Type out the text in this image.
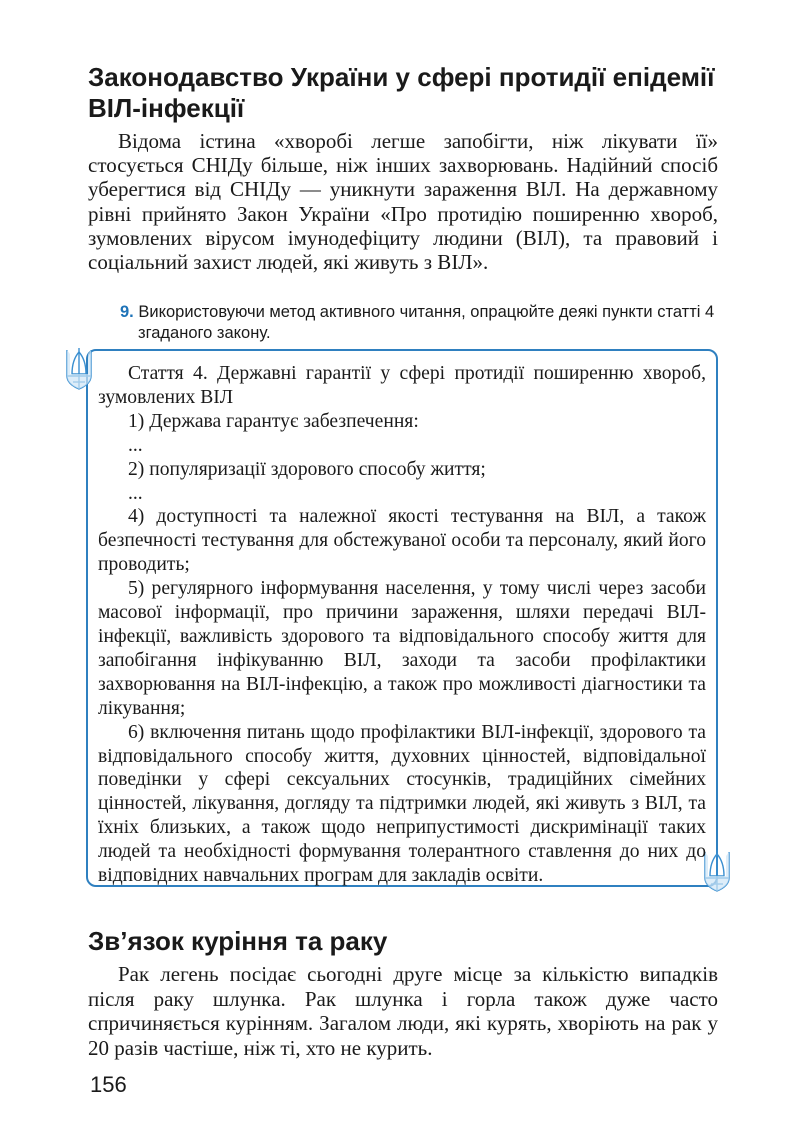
Законодавство України у сфері протидії епідемії ВІЛ-інфекції

Відома істина «хворобі легше запобігти, ніж лікувати її» стосується СНІДу більше, ніж інших захворювань. Надійний спосіб уберегтися від СНІДу — уникнути зараження ВІЛ. На державному рівні прийнято Закон України «Про протидію поширенню хвороб, зумовлених вірусом імунодефіциту людини (ВІЛ), та правовий і соціальний захист людей, які живуть з ВІЛ».

9. Використовуючи метод активного читання, опрацюйте деякі пункти статті 4 згаданого закону.

Стаття 4. Державні гарантії у сфері протидії поширенню хвороб, зумовлених ВІЛ

1) Держава гарантує забезпечення:

...

2) популяризації здорового способу життя;

...

4) доступності та належної якості тестування на ВІЛ, а також безпечності тестування для обстежуваної особи та персоналу, який його проводить;

5) регулярного інформування населення, у тому числі через засоби масової інформації, про причини зараження, шляхи передачі ВІЛ-інфекції, важливість здорового та відповідального способу життя для запобігання інфікуванню ВІЛ, заходи та засоби профілактики захворювання на ВІЛ-інфекцію, а також про можливості діагностики та лікування;

6) включення питань щодо профілактики ВІЛ-інфекції, здорового та відповідального способу життя, духовних цінностей, відповідальної поведінки у сфері сексуальних стосунків, традиційних сімейних цінностей, лікування, догляду та підтримки людей, які живуть з ВІЛ, та їхніх близьких, а також щодо неприпустимості дискримінації таких людей та необхідності формування толерантного ставлення до них до відповідних навчальних програм для закладів освіти.

Зв’язок куріння та раку

Рак легень посідає сьогодні друге місце за кількістю випадків після раку шлунка. Рак шлунка і горла також дуже часто спричиняється курінням. Загалом люди, які курять, хворіють на рак у 20 разів частіше, ніж ті, хто не курить.

156
